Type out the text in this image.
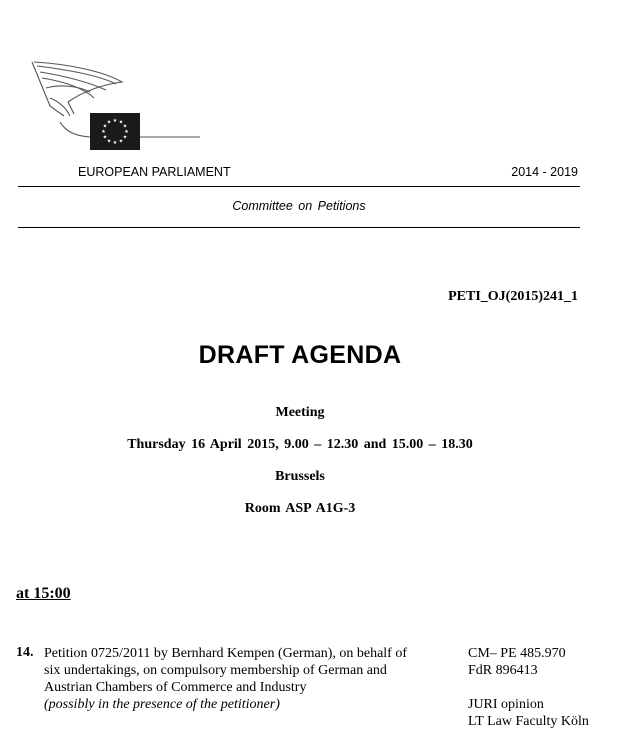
★ ★
★
★
★
★
★
★
★
★
★
★
EUROPEAN PARLIAMENT	2014 - 2019
Committee on Petitions
PETI_OJ(2015)241_1
DRAFT AGENDA
Meeting
Thursday 16 April 2015, 9.00 – 12.30 and 15.00 – 18.30
Brussels
Room ASP A1G-3
at 15:00
14. Petition 0725/2011 by Bernhard Kempen (German), on behalf of
six undertakings, on compulsory membership of German and
Austrian Chambers of Commerce and Industry
(possibly in the presence of the petitioner)
CM– PE 485.970
FdR 896413
JURI opinion
LT Law Faculty Köln
